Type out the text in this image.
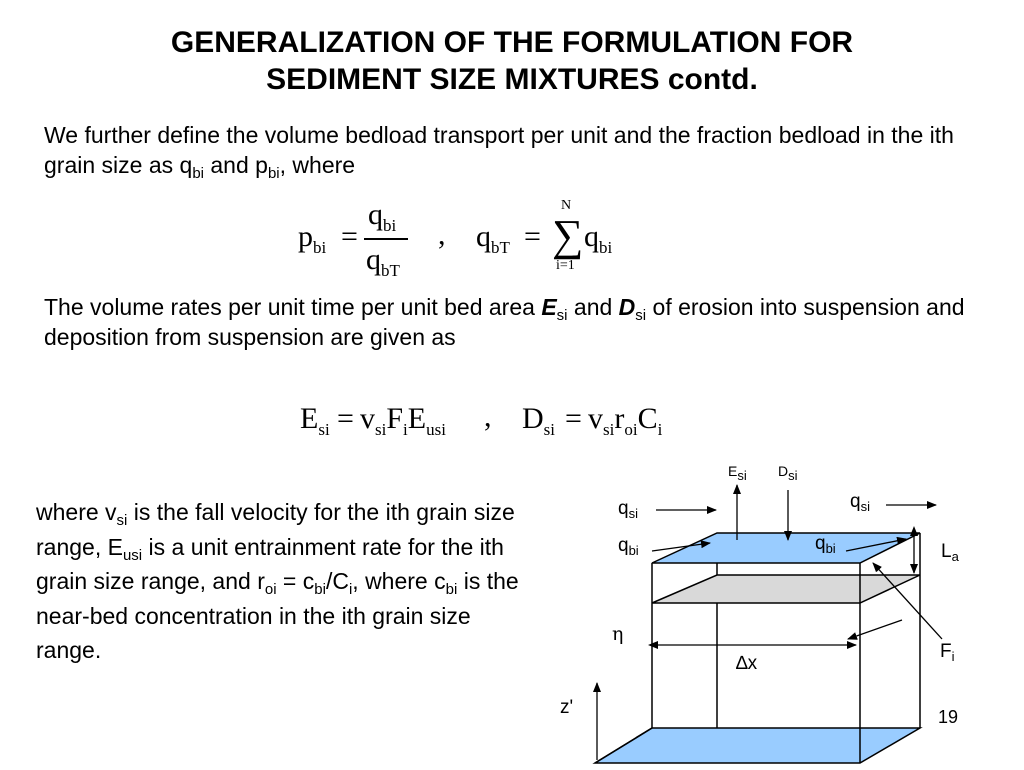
GENERALIZATION OF THE FORMULATION FOR
SEDIMENT SIZE MIXTURES contd.
We further define the volume bedload transport per unit and the fraction bedload in the ith grain size as $q_{bi}$ and $p_{bi}$, where
$p_{bi}$ =
$q_{bi}$
$q_{bT}$
, $q_{bT}$ = ∑
N
i=1
$q_{bi}$
The volume rates per unit time per unit bed area $E_{si}$ and $D_{si}$ of erosion into suspension and deposition from suspension are given as
$E_{si} = v_{si}F_iE_{usi}$ , $D_{si} = v_{si}r_{oi}C_i$
where $v_{si}$ is the fall velocity for the ith grain size range, $E_{usi}$ is a unit entrainment rate for the ith grain size range, and $r_{oi} = c_{bi}/C_i$, where $c_{bi}$ is the near-bed concentration in the ith grain size range.
$E_{si}$ $D_{si}$
$q_{si}$
$q_{si}$
$q_{bi}$	$q_{bi}$	$L_a$
η
$F_i$
∆x
z'	19
